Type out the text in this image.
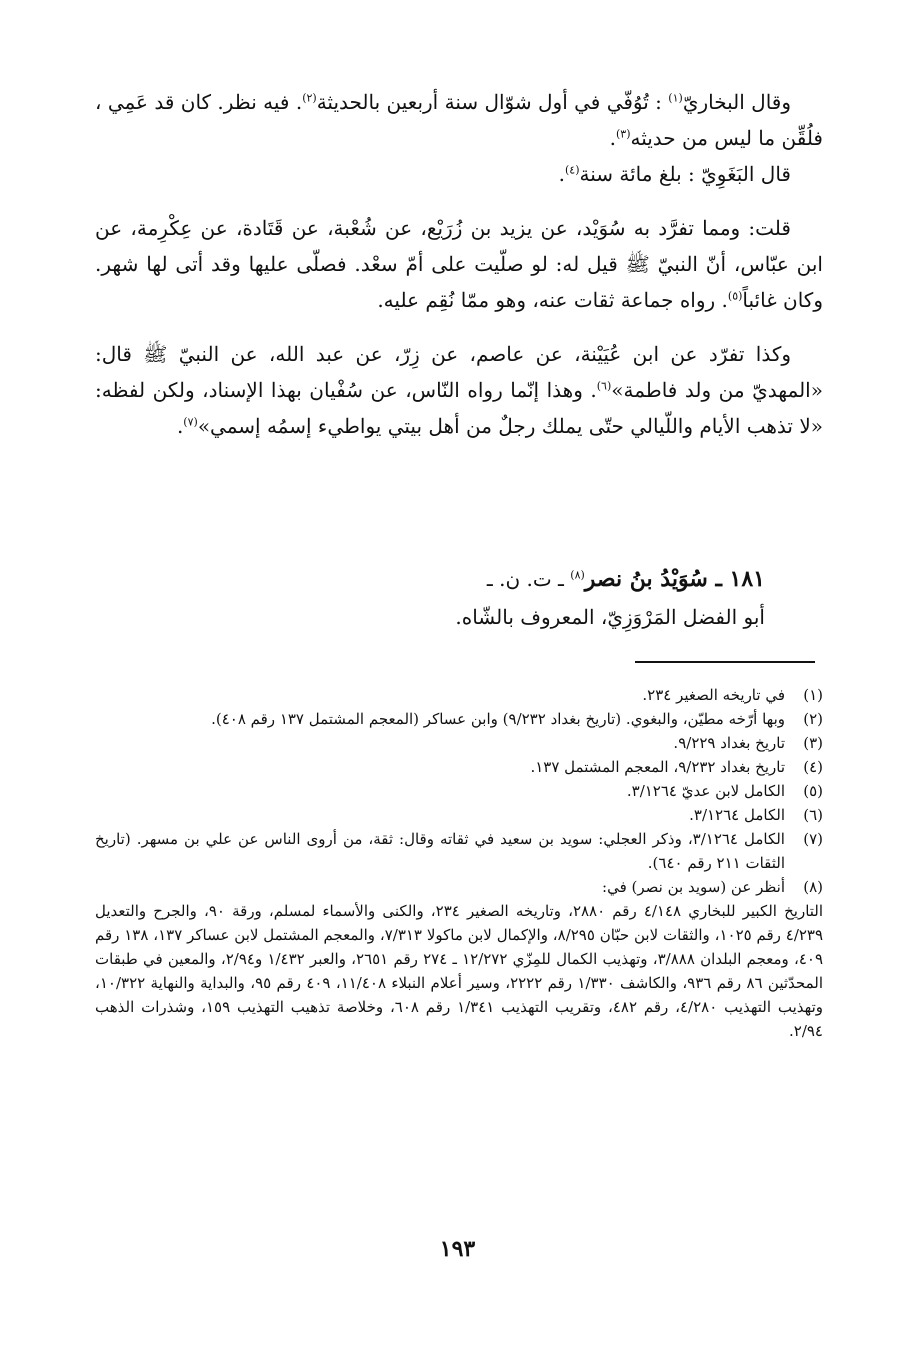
وقال البخاريّ$^{(١)}$ : تُوُفّي في أول شوّال سنة أربعين بالحديثة$^{(٢)}$. فيه نظر. كان قد عَمِي ، فلُقِّن ما ليس من حديثه$^{(٣)}$.

قال البَغَوِيّ : بلغ مائة سنة$^{(٤)}$.

قلت: ومما تفرَّد به سُوَيْد، عن يزيد بن زُرَيْع، عن شُعْبة، عن قَتَادة، عن عِكْرِمة، عن ابن عبّاس، أنّ النبيّ ﷺ قيل له: لو صلّيت على أمّ سعْد. فصلّى عليها وقد أتى لها شهر. وكان غائباً$^{(٥)}$. رواه جماعة ثقات عنه، وهو ممّا نُقِم عليه.

وكذا تفرّد عن ابن عُيَيْنة، عن عاصم، عن زِرّ، عن عبد الله، عن النبيّ ﷺ قال: «المهديّ من ولد فاطمة»$^{(٦)}$. وهذا إنّما رواه النّاس، عن سُفْيان بهذا الإسناد، ولكن لفظه: «لا تذهب الأيام واللّيالي حتّى يملك رجلٌ من أهل بيتي يواطيء إسمُه إسمي»$^{(٧)}$.

١٨١ ـ سُوَيْدُ بنُ نصر$^{(٨)}$ ـ ت. ن. ـ
أبو الفضل المَرْوَزِيّ، المعروف بالشّاه.
(١)
في تاريخه الصغير ٢٣٤.
(٢)
وبها أرّخه مطيّن، والبغوي. (تاريخ بغداد ٩/٢٣٢) وابن عساكر (المعجم المشتمل ١٣٧ رقم ٤٠٨).
(٣)
تاريخ بغداد ٩/٢٢٩.
(٤)
تاريخ بغداد ٩/٢٣٢، المعجم المشتمل ١٣٧.
(٥)
الكامل لابن عديّ ٣/١٢٦٤.
(٦)
الكامل ٣/١٢٦٤.
(٧)
الكامل ٣/١٢٦٤، وذكر العجلي: سويد بن سعيد في ثقاته وقال: ثقة، من أروى الناس عن علي بن مسهر. (تاريخ الثقات ٢١١ رقم ٦٤٠).
(٨)
أنظر عن (سويد بن نصر) في:
التاريخ الكبير للبخاري ٤/١٤٨ رقم ٢٨٨٠، وتاريخه الصغير ٢٣٤، والكنى والأسماء لمسلم، ورقة ٩٠، والجرح والتعديل ٤/٢٣٩ رقم ١٠٢٥، والثقات لابن حبّان ٨/٢٩٥، والإكمال لابن ماكولا ٧/٣١٣، والمعجم المشتمل لابن عساكر ١٣٧، ١٣٨ رقم ٤٠٩، ومعجم البلدان ٣/٨٨٨، وتهذيب الكمال للمِزّي ١٢/٢٧٢ ـ ٢٧٤ رقم ٢٦٥١، والعبر ١/٤٣٢ و٢/٩٤، والمعين في طبقات المحدّثين ٨٦ رقم ٩٣٦، والكاشف ١/٣٣٠ رقم ٢٢٢٢، وسير أعلام النبلاء ١١/٤٠٨، ٤٠٩ رقم ٩٥، والبداية والنهاية ١٠/٣٢٢، وتهذيب التهذيب ٤/٢٨٠، رقم ٤٨٢، وتقريب التهذيب ١/٣٤١ رقم ٦٠٨، وخلاصة تذهيب التهذيب ١٥٩، وشذرات الذهب ٢/٩٤.
١٩٣
